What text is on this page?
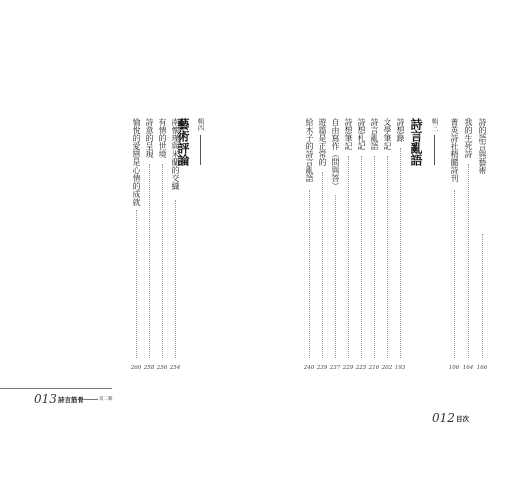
詩的語言與藝術
166
我的生死詩
164
菁英詩社精髓詩刊
106
輯三
詩言亂語
詩想錄
193
文學筆記
202
詩言亂語
216
詩想札記
225
詩想筆記
229
自由寫作（問與答）
237
遊篇是正常的
239
給木子的詩言亂語
240
012 目次
輯四
藝術評論
南懷瑾與米蘭的交織
254
有情的世境
256
詩意的呈現
258
愉悅的愛戀是心情的成就
260
013 詩言筋骨	第二輯
